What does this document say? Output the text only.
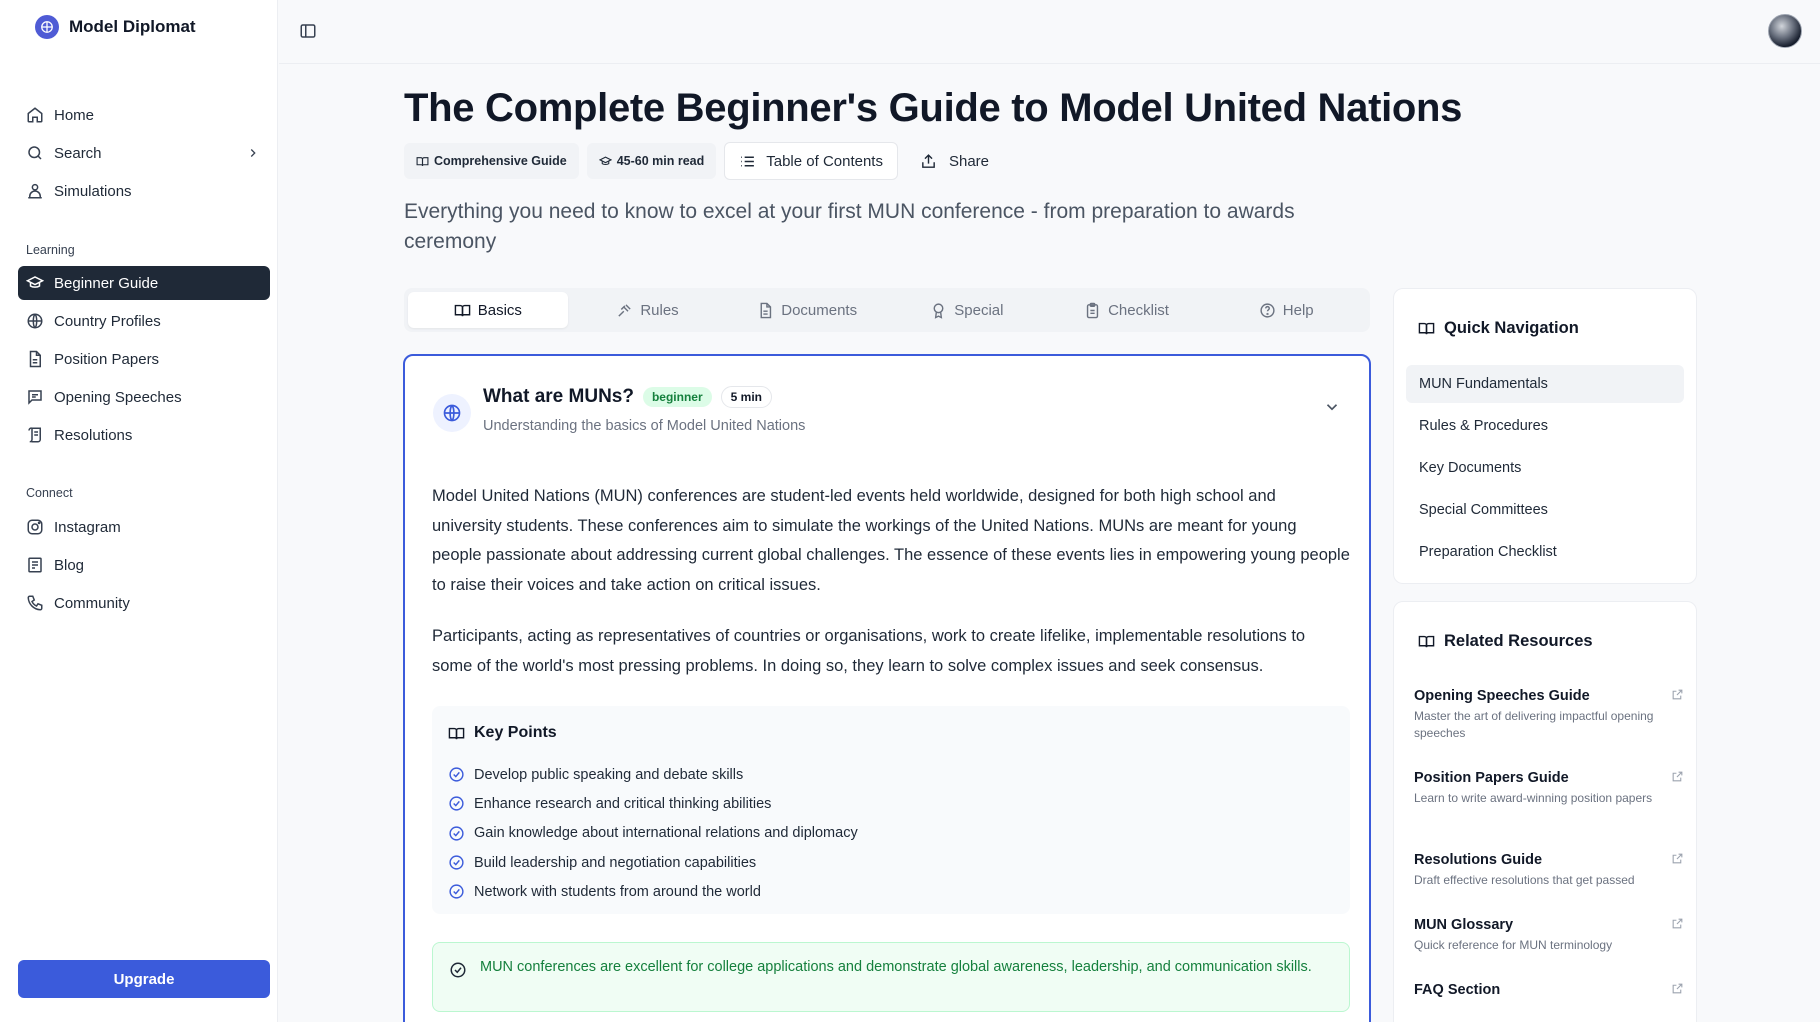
Model Diplomat
Home
Search
Simulations
Learning
Beginner Guide
Country Profiles
Position Papers
Opening Speeches
Resolutions
Connect
Instagram
Blog
Community
Upgrade
The Complete Beginner's Guide to Model United Nations
Comprehensive Guide	45-60 min read	Table of Contents	Share

Everything you need to know to excel at your first MUN conference - from preparation to awards ceremony

Basics	Rules	Documents	Special	Checklist	Help
What are MUNs?	beginner	5 min
Understanding the basics of Model United Nations

Model United Nations (MUN) conferences are student-led events held worldwide, designed for both high school and university students. These conferences aim to simulate the workings of the United Nations. MUNs are meant for young people passionate about addressing current global challenges. The essence of these events lies in empowering young people to raise their voices and take action on critical issues.

Participants, acting as representatives of countries or organisations, work to create lifelike, implementable resolutions to some of the world's most pressing problems. In doing so, they learn to solve complex issues and seek consensus.

Key Points
Develop public speaking and debate skills
Enhance research and critical thinking abilities
Gain knowledge about international relations and diplomacy
Build leadership and negotiation capabilities
Network with students from around the world
MUN conferences are excellent for college applications and demonstrate global awareness, leadership, and communication skills.
Quick Navigation
MUN Fundamentals
Rules & Procedures
Key Documents
Special Committees
Preparation Checklist
Related Resources
Opening Speeches Guide
Master the art of delivering impactful opening speeches
Position Papers Guide
Learn to write award-winning position papers
Resolutions Guide
Draft effective resolutions that get passed
MUN Glossary
Quick reference for MUN terminology
FAQ Section
